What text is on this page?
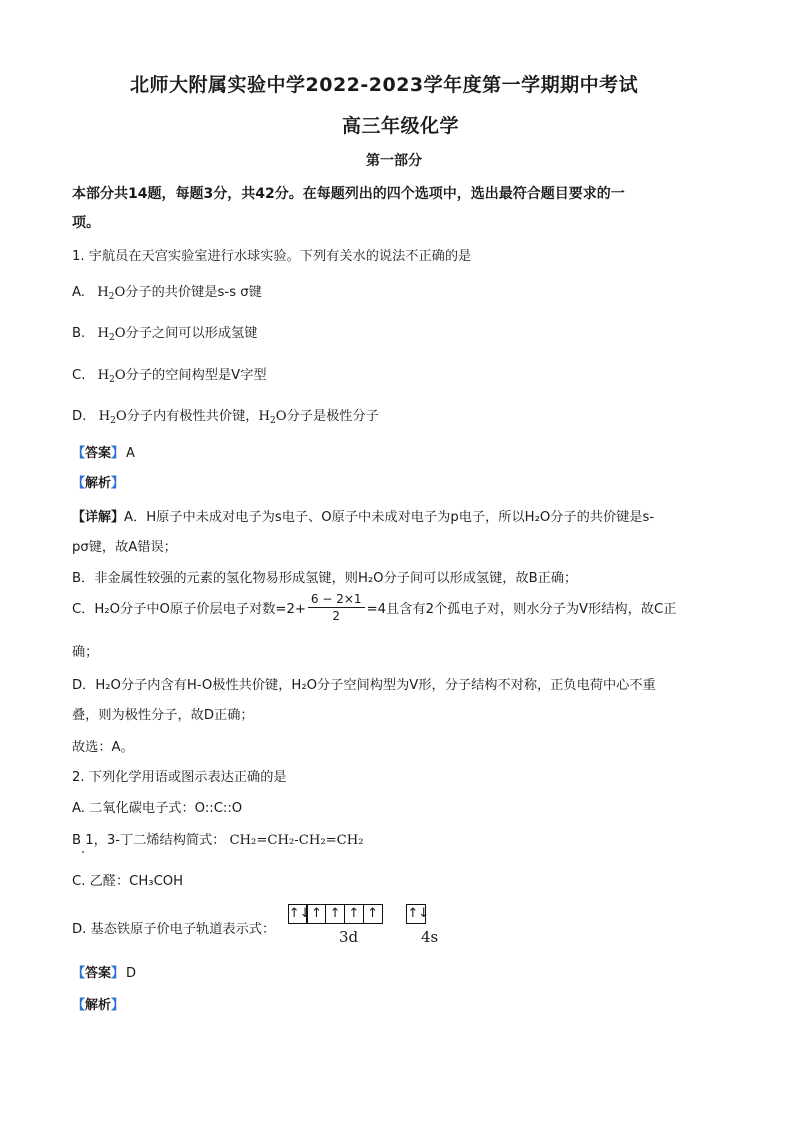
北师大附属实验中学2022-2023学年度第一学期期中考试
高三年级化学
第一部分
本部分共14题，每题3分，共42分。在每题列出的四个选项中，选出最符合题目要求的一
项。
1. 宇航员在天宫实验室进行水球实验。下列有关水的说法不正确的是
A. $H_2O$分子的共价键是s-s σ键
B. $H_2O$分子之间可以形成氢键
C. $H_2O$分子的空间构型是V字型
D. $H_2O$分子内有极性共价键，$H_2O$分子是极性分子
【答案】 A
【解析】
【详解】A．H原子中未成对电子为s电子、O原子中未成对电子为p电子，所以H₂O分子的共价键是s-
pσ键，故A错误；
B．非金属性较强的元素的氢化物易形成氢键，则H₂O分子间可以形成氢键，故B正确；
C．H₂O分子中O原子价层电子对数$=2+ \frac{6 - 2\times 1}{2} =4$且含有2个孤电子对，则水分子为V形结构，故C正
确；
D．H₂O分子内含有H-O极性共价键，H₂O分子空间构型为V形，分子结构不对称，正负电荷中心不重
叠，则为极性分子，故D正确；
故选：A。
2. 下列化学用语或图示表达正确的是
A. 二氧化碳电子式：O::C::O
B 1，3-丁二烯结构简式： CH₂=CH₂-CH₂=CH₂
C. 乙醛：CH₃COH
D. 基态铁原子价电子轨道表示式：
↑↓ ↑ ↑ ↑ ↑
	↑↓
3d	4s
【答案】 D
【解析】
